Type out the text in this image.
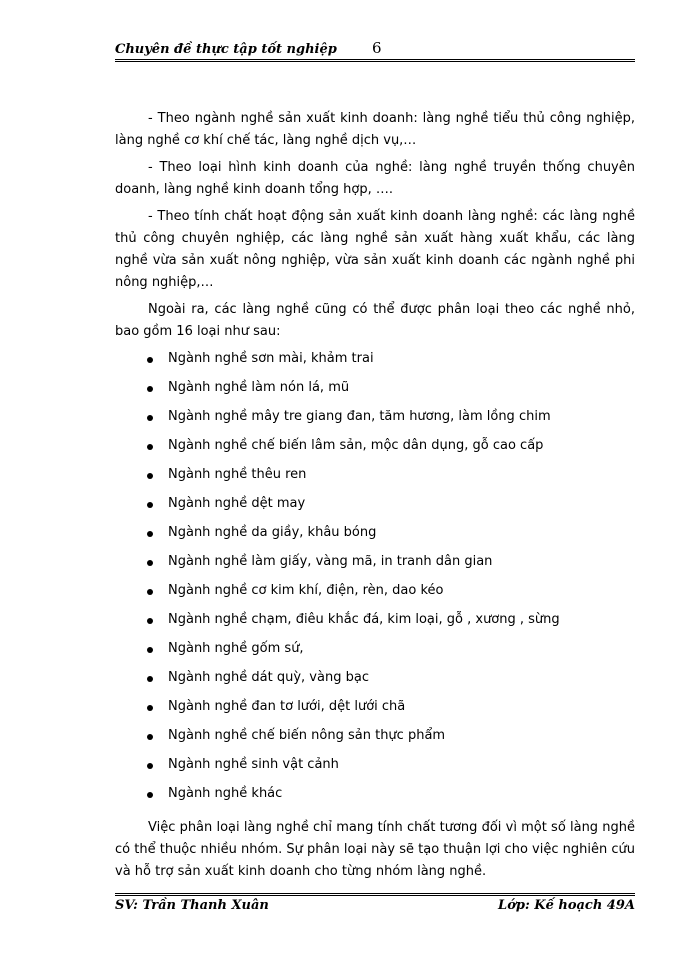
Chuyên đề thực tập tốt nghiệp 6

- Theo ngành nghề sản xuất kinh doanh: làng nghề tiểu thủ công nghiệp, làng nghề cơ khí chế tác, làng nghề dịch vụ,…

- Theo loại hình kinh doanh của nghề: làng nghề truyền thống chuyên doanh, làng nghề kinh doanh tổng hợp, ….

- Theo tính chất hoạt động sản xuất kinh doanh làng nghề: các làng nghề thủ công chuyên nghiệp, các làng nghề sản xuất hàng xuất khẩu, các làng nghề vừa sản xuất nông nghiệp, vừa sản xuất kinh doanh các ngành nghề phi nông nghiệp,…

Ngoài ra, các làng nghề cũng có thể được phân loại theo các nghề nhỏ, bao gồm 16 loại như sau:

Ngành nghề sơn mài, khảm trai
Ngành nghề làm nón lá, mũ
Ngành nghề mây tre giang đan, tăm hương, làm lồng chim
Ngành nghề chế biến lâm sản, mộc dân dụng, gỗ cao cấp
Ngành nghề thêu ren
Ngành nghề dệt may
Ngành nghề da giầy, khâu bóng
Ngành nghề làm giấy, vàng mã, in tranh dân gian
Ngành nghề cơ kim khí, điện, rèn, dao kéo
Ngành nghề chạm, điêu khắc đá, kim loại, gỗ , xương , sừng
Ngành nghề gốm sứ,
Ngành nghề dát quỳ, vàng bạc
Ngành nghề đan tơ lưới, dệt lưới chã
Ngành nghề chế biến nông sản thực phẩm
Ngành nghề sinh vật cảnh
Ngành nghề khác

Việc phân loại làng nghề chỉ mang tính chất tương đối vì một số làng nghề có thể thuộc nhiều nhóm. Sự phân loại này sẽ tạo thuận lợi cho việc nghiên cứu và hỗ trợ sản xuất kinh doanh cho từng nhóm làng nghề.

SV: Trần Thanh Xuân	Lớp: Kế hoạch 49A
